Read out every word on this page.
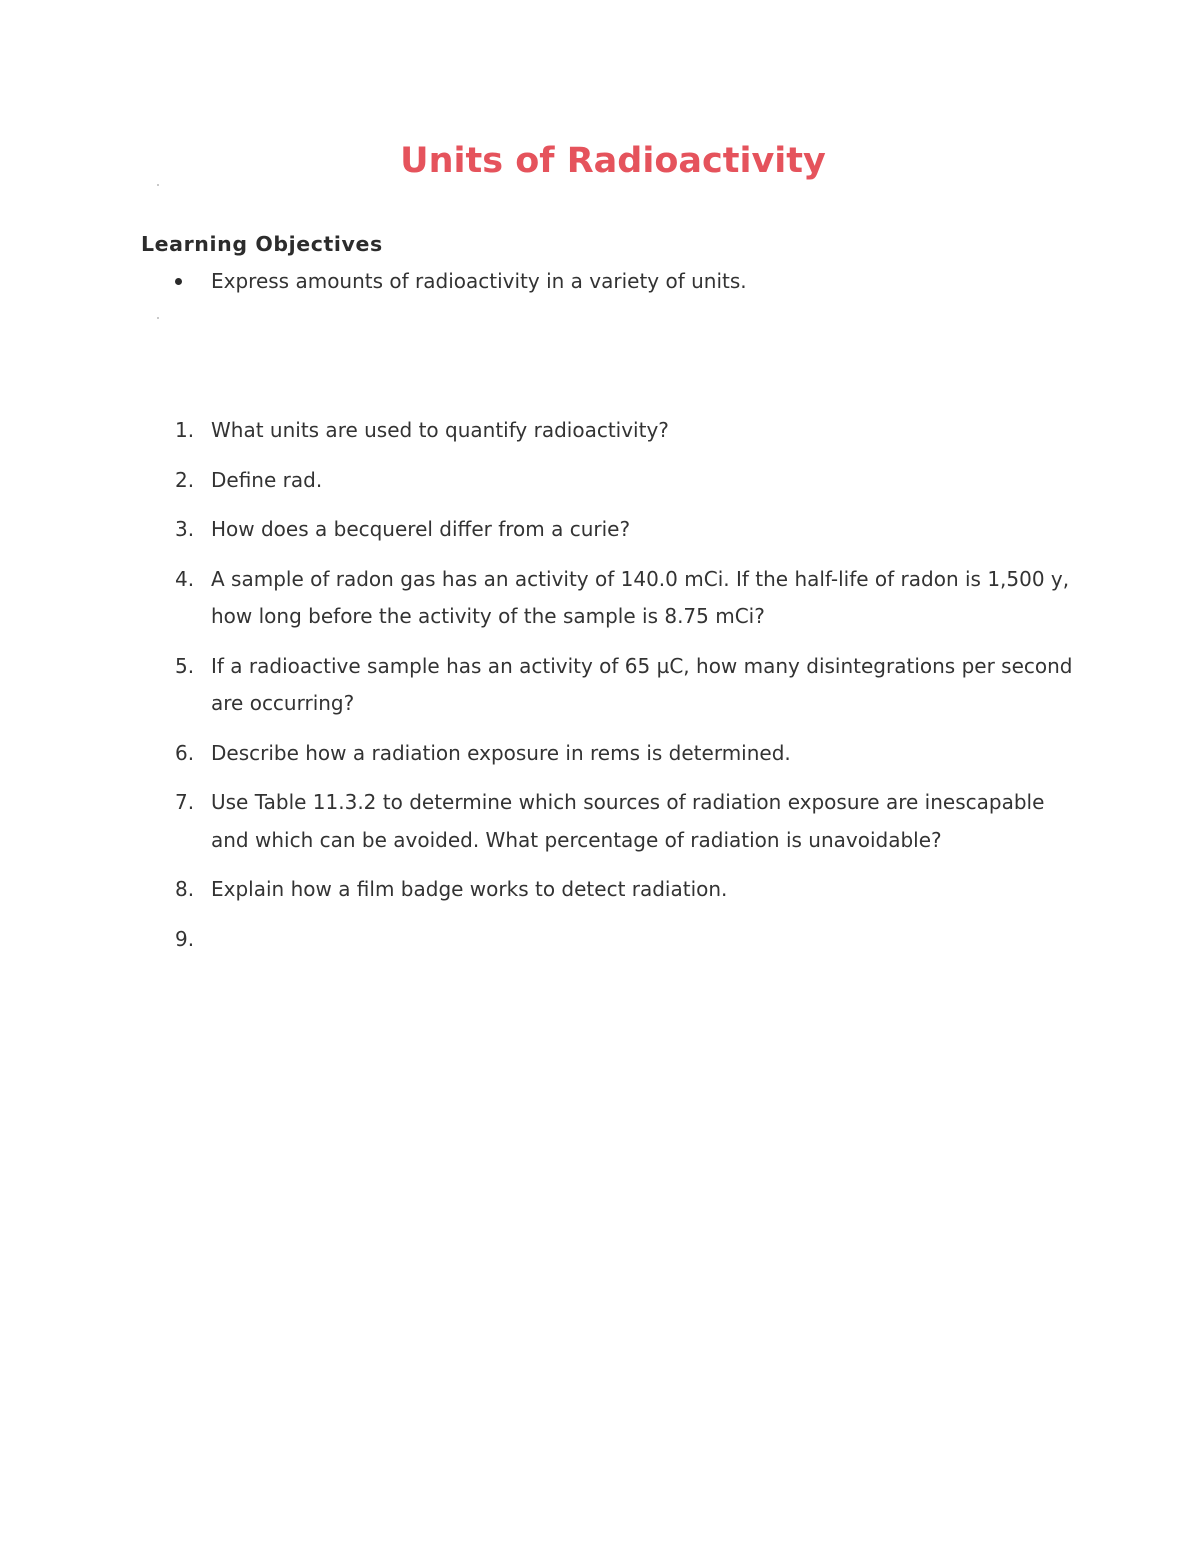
Units of Radioactivity
Learning Objectives
Express amounts of radioactivity in a variety of units.
1. What units are used to quantify radioactivity?
2. Define rad.
3. How does a becquerel differ from a curie?
4. A sample of radon gas has an activity of 140.0 mCi. If the half-life of radon is 1,500 y, how long before the activity of the sample is 8.75 mCi?
5. If a radioactive sample has an activity of 65 µC, how many disintegrations per second are occurring?
6. Describe how a radiation exposure in rems is determined.
7. Use Table 11.3.2 to determine which sources of radiation exposure are inescapable and which can be avoided. What percentage of radiation is unavoidable?
8. Explain how a film badge works to detect radiation.
9.
